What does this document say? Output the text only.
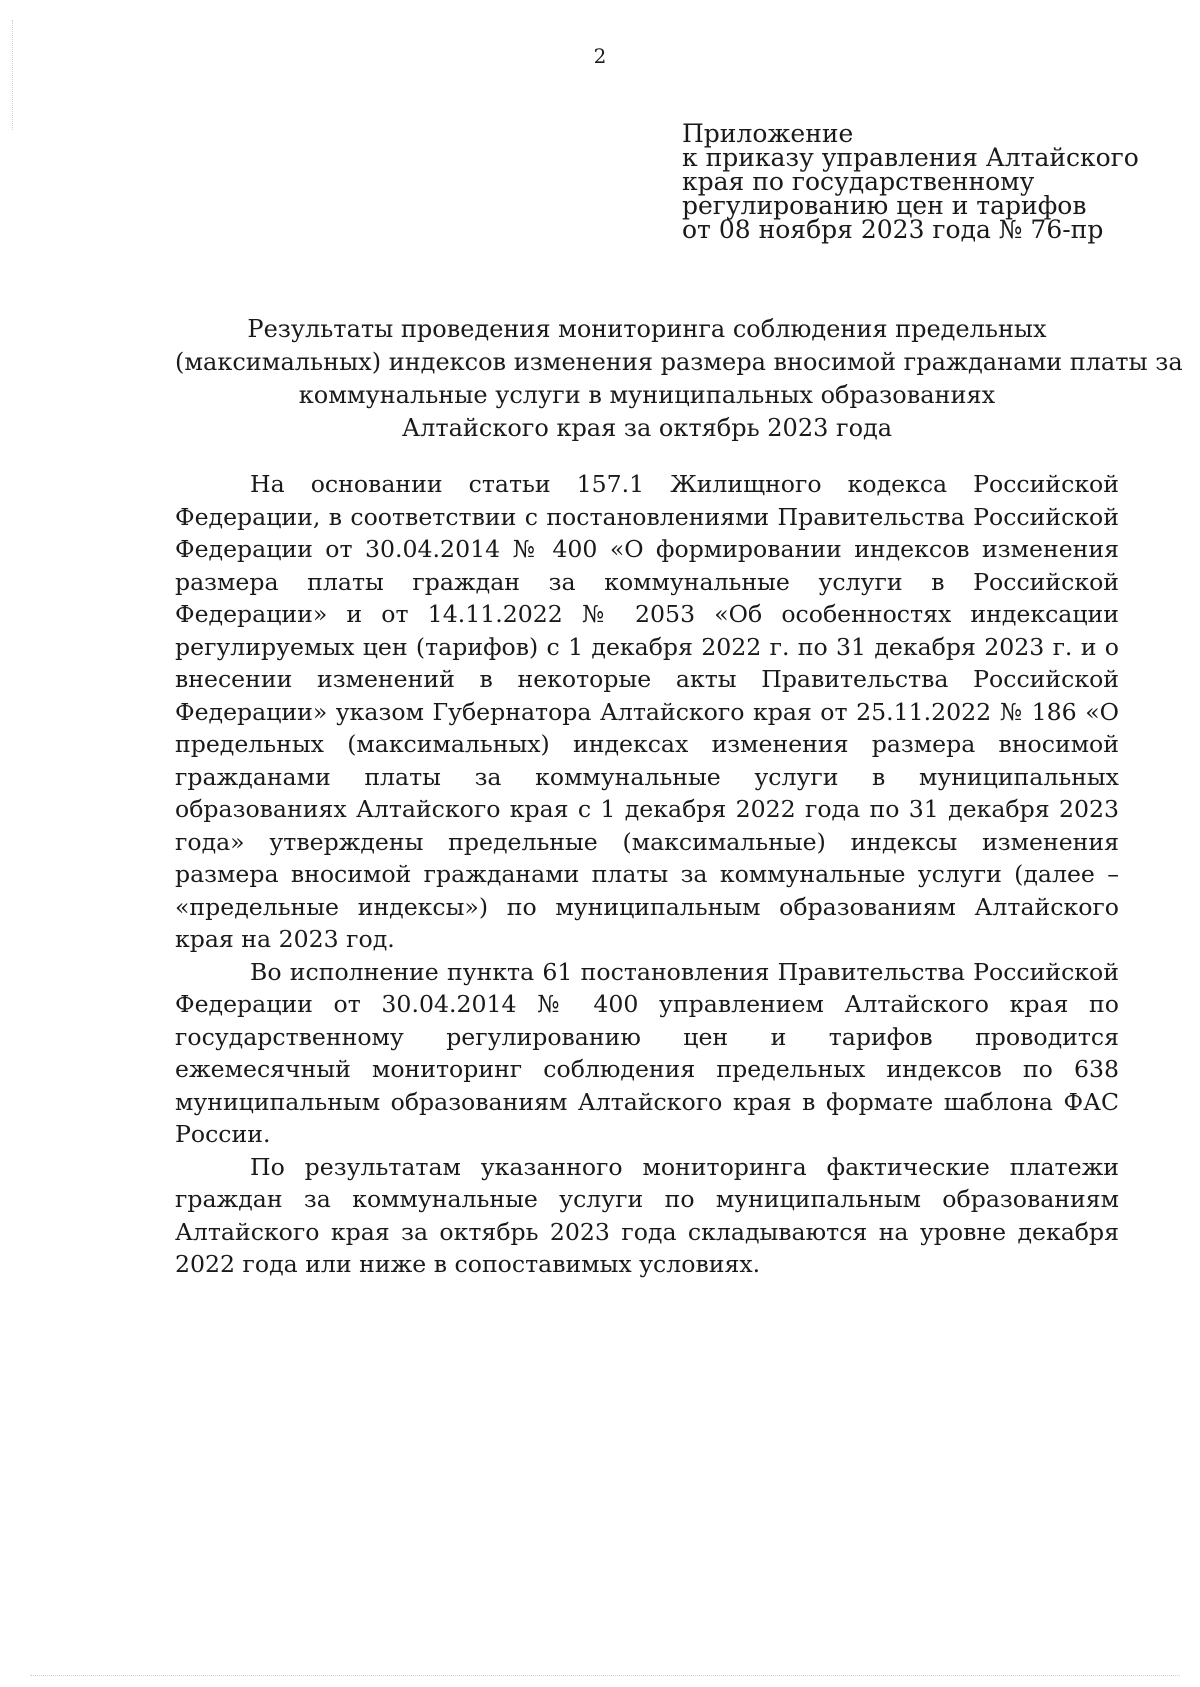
2
Приложение
к приказу управления Алтайского
края по государственному
регулированию цен и тарифов
от 08 ноября 2023 года № 76-пр
Результаты проведения мониторинга соблюдения предельных
(максимальных) индексов изменения размера вносимой гражданами платы за
коммунальные услуги в муниципальных образованиях
Алтайского края за октябрь 2023 года

На основании статьи 157.1 Жилищного кодекса Российской Федерации, в соответствии с постановлениями Правительства Российской Федерации от 30.04.2014 № 400 «О формировании индексов изменения размера платы граждан за коммунальные услуги в Российской Федерации» и от 14.11.2022 № 2053 «Об особенностях индексации регулируемых цен (тарифов) с 1 декабря 2022 г. по 31 декабря 2023 г. и о внесении изменений в некоторые акты Правительства Российской Федерации» указом Губернатора Алтайского края от 25.11.2022 № 186 «О предельных (максимальных) индексах изменения размера вносимой гражданами платы за коммунальные услуги в муниципальных образованиях Алтайского края с 1 декабря 2022 года по 31 декабря 2023 года» утверждены предельные (максимальные) индексы изменения размера вносимой гражданами платы за коммунальные услуги (далее – «предельные индексы») по муниципальным образованиям Алтайского края на 2023 год.

Во исполнение пункта 61 постановления Правительства Российской Федерации от 30.04.2014 № 400 управлением Алтайского края по государственному регулированию цен и тарифов проводится ежемесячный мониторинг соблюдения предельных индексов по 638 муниципальным образованиям Алтайского края в формате шаблона ФАС России.

По результатам указанного мониторинга фактические платежи граждан за коммунальные услуги по муниципальным образованиям Алтайского края за октябрь 2023 года складываются на уровне декабря 2022 года или ниже в сопоставимых условиях.
